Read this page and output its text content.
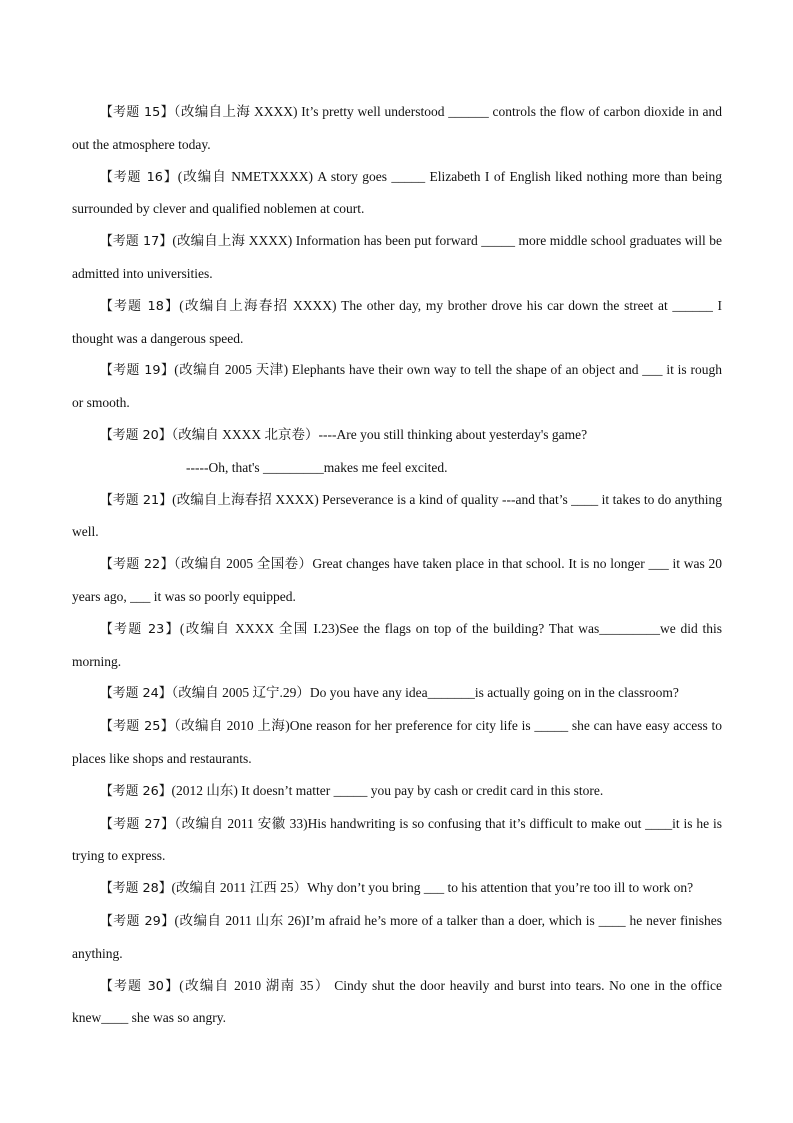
【考题 15】（改编自上海 XXXX) It’s pretty well understood ______ controls the flow of carbon dioxide in and out the atmosphere today.

【考题 16】(改编自 NMETXXXX) A story goes _____ Elizabeth I of English liked nothing more than being surrounded by clever and qualified noblemen at court.

【考题 17】(改编自上海 XXXX) Information has been put forward _____ more middle school graduates will be admitted into universities.

【考题 18】(改编自上海春招 XXXX) The other day, my brother drove his car down the street at ______ I thought was a dangerous speed.

【考题 19】(改编自 2005 天津) Elephants have their own way to tell the shape of an object and ___ it is rough or smooth.

【考题 20】（改编自 XXXX 北京卷）----Are you still thinking about yesterday's game?

-----Oh, that's _________makes me feel excited.

【考题 21】(改编自上海春招 XXXX) Perseverance is a kind of quality ---and that’s ____ it takes to do anything well.

【考题 22】（改编自 2005 全国卷）Great changes have taken place in that school. It is no longer ___ it was 20 years ago, ___ it was so poorly equipped.

【考题 23】(改编自 XXXX 全国 I.23)See the flags on top of the building? That was_________we did this morning.

【考题 24】（改编自 2005 辽宁.29）Do you have any idea_______is actually going on in the classroom?

【考题 25】（改编自 2010 上海)One reason for her preference for city life is _____ she can have easy access to places like shops and restaurants.

【考题 26】(2012 山东) It doesn’t matter _____ you pay by cash or credit card in this store.

【考题 27】（改编自 2011 安徽 33)His handwriting is so confusing that it’s difficult to make out ____it is he is trying to express.

【考题 28】(改编自 2011 江西 25）Why don’t you bring ___ to his attention that you’re too ill to work on?

【考题 29】(改编自 2011 山东 26)I’m afraid he’s more of a talker than a doer, which is ____ he never finishes anything.

【考题 30】(改编自 2010 湖南 35） Cindy shut the door heavily and burst into tears. No one in the office knew____ she was so angry.
